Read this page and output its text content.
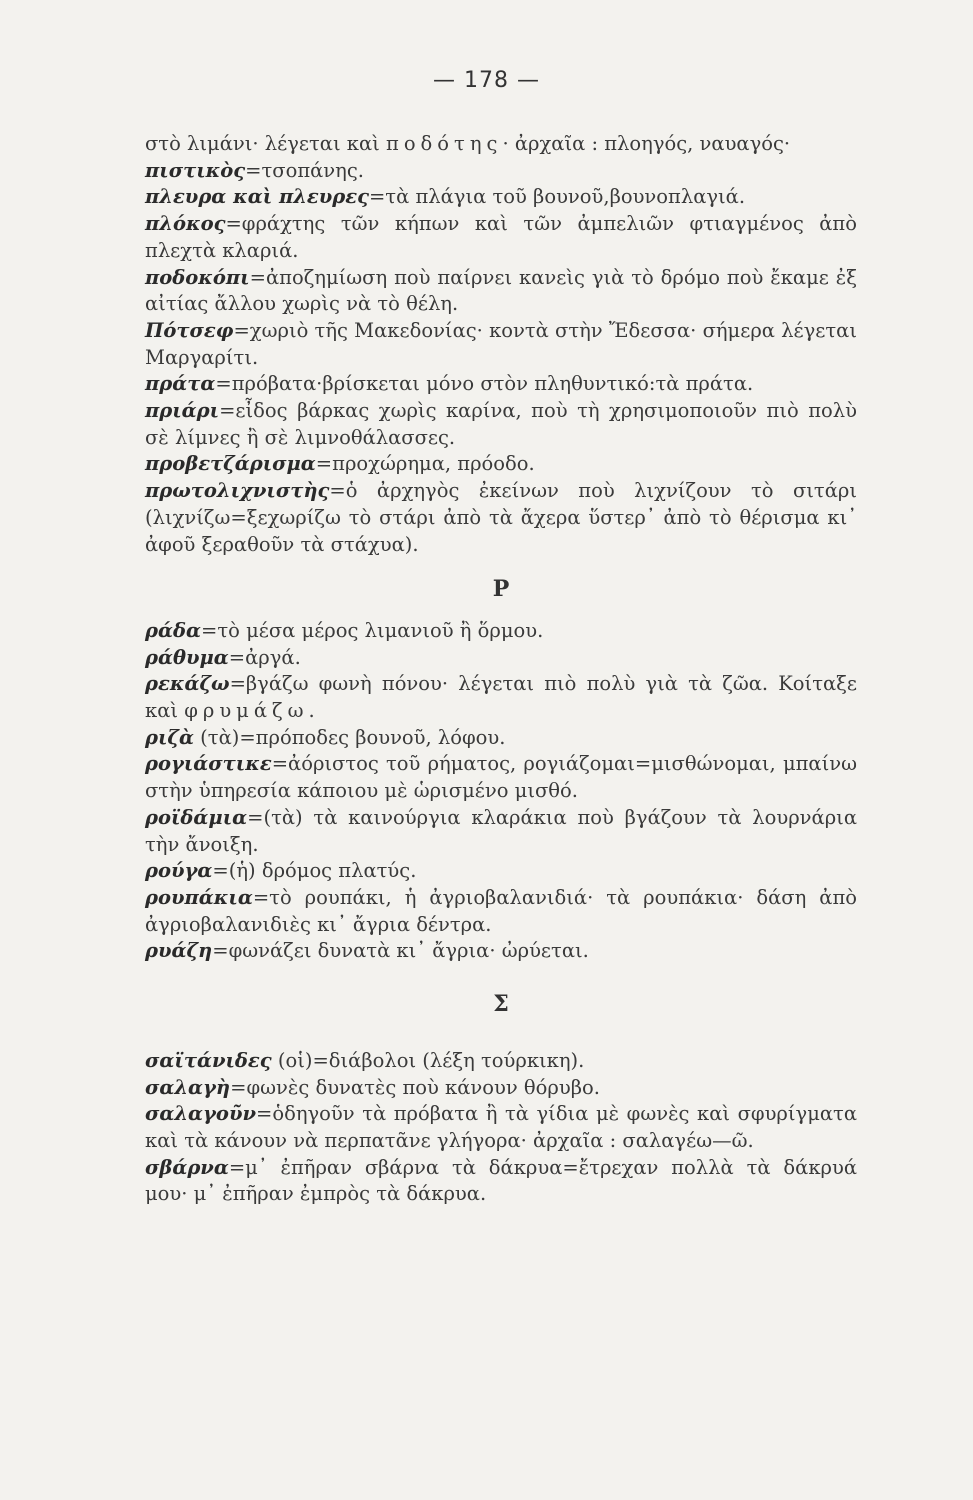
— 178 —

στὸ λιμάνι· λέγεται καὶ ποδότης· ἀρχαῖα : πλοηγός, ναυαγός·

πιστικὸς=τσοπάνης.

πλευρα καὶ πλευρες=τὰ πλάγια τοῦ βουνοῦ,βουνοπλαγιά.

πλόκος=φράχτης τῶν κήπων καὶ τῶν ἀμπελιῶν φτιαγμένος ἀπὸ πλεχτὰ κλαριά.

ποδοκόπι=ἀποζημίωση ποὺ παίρνει κανεὶς γιὰ τὸ δρόμο ποὺ ἔκαμε ἐξ αἰτίας ἄλλου χωρὶς νὰ τὸ θέλη.

Πότσεφ=χωριὸ τῆς Μακεδονίας· κοντὰ στὴν Ἔδεσσα· σήμερα λέγεται Μαργαρίτι.

πράτα=πρόβατα·βρίσκεται μόνο στὸν πληθυντικό:τὰ πράτα.

πριάρι=εἶδος βάρκας χωρὶς καρίνα, ποὺ τὴ χρησιμοποιοῦν πιὸ πολὺ σὲ λίμνες ἢ σὲ λιμνοθάλασσες.

προβετζάρισμα=προχώρημα, πρόοδο.

πρωτολιχνιστὴς=ὁ ἀρχηγὸς ἐκείνων ποὺ λιχνίζουν τὸ σιτάρι (λιχνίζω=ξεχωρίζω τὸ στάρι ἀπὸ τὰ ἄχερα ὕστερ᾽ ἀπὸ τὸ θέρισμα κι᾽ ἀφοῦ ξεραθοῦν τὰ στάχυα).

Ρ

ράδα=τὸ μέσα μέρος λιμανιοῦ ἢ ὅρμου.

ράθυμα=ἀργά.

ρεκάζω=βγάζω φωνὴ πόνου· λέγεται πιὸ πολὺ γιὰ τὰ ζῶα. Κοίταξε καὶ φρυμάζω.

ριζὰ (τὰ)=πρόποδες βουνοῦ, λόφου.

ρογιάστικε=ἀόριστος τοῦ ρήματος, ρογιάζομαι=μισθώνομαι, μπαίνω στὴν ὑπηρεσία κάποιου μὲ ὡρισμένο μισθό.

ροϊδάμια=(τὰ) τὰ καινούργια κλαράκια ποὺ βγάζουν τὰ λουρνάρια τὴν ἄνοιξη.

ρούγα=(ἡ) δρόμος πλατύς.

ρουπάκια=τὸ ρουπάκι, ἡ ἀγριοβαλανιδιά· τὰ ρουπάκια· δάση ἀπὸ ἀγριοβαλανιδιὲς κι᾽ ἄγρια δέντρα.

ρυάζη=φωνάζει δυνατὰ κι᾽ ἄγρια· ὠρύεται.

Σ

σαϊτάνιδες (οἱ)=διάβολοι (λέξη τούρκικη).

σαλαγὴ=φωνὲς δυνατὲς ποὺ κάνουν θόρυβο.

σαλαγοῦν=ὁδηγοῦν τὰ πρόβατα ἢ τὰ γίδια μὲ φωνὲς καὶ σφυρίγματα καὶ τὰ κάνουν νὰ περπατᾶνε γλήγορα· ἀρχαῖα : σαλαγέω—ῶ.

σβάρνα=μ᾽ ἐπῆραν σβάρνα τὰ δάκρυα=ἔτρεχαν πολλὰ τὰ δάκρυά μου· μ᾽ ἐπῆραν ἐμπρὸς τὰ δάκρυα.
